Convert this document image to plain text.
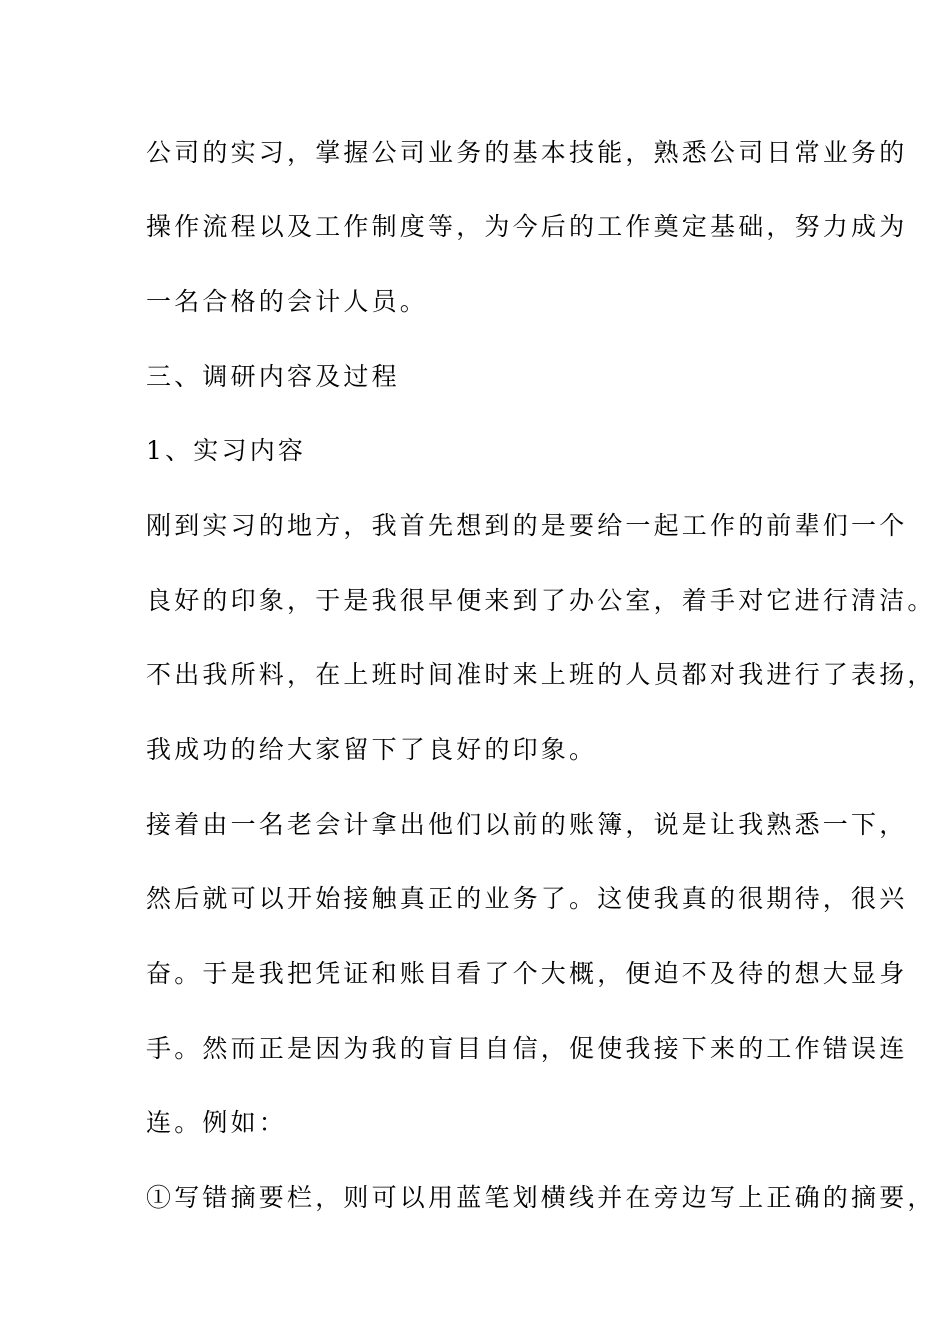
公司的实习，掌握公司业务的基本技能，熟悉公司日常业务的
操作流程以及工作制度等，为今后的工作奠定基础，努力成为
一名合格的会计人员。
三、调研内容及过程
1、实习内容
刚到实习的地方，我首先想到的是要给一起工作的前辈们一个
良好的印象，于是我很早便来到了办公室，着手对它进行清洁。
不出我所料，在上班时间准时来上班的人员都对我进行了表扬，
我成功的给大家留下了良好的印象。
接着由一名老会计拿出他们以前的账簿，说是让我熟悉一下，
然后就可以开始接触真正的业务了。这使我真的很期待，很兴
奋。于是我把凭证和账目看了个大概，便迫不及待的想大显身
手。然而正是因为我的盲目自信，促使我接下来的工作错误连
连。例如：
①写错摘要栏，则可以用蓝笔划横线并在旁边写上正确的摘要，
